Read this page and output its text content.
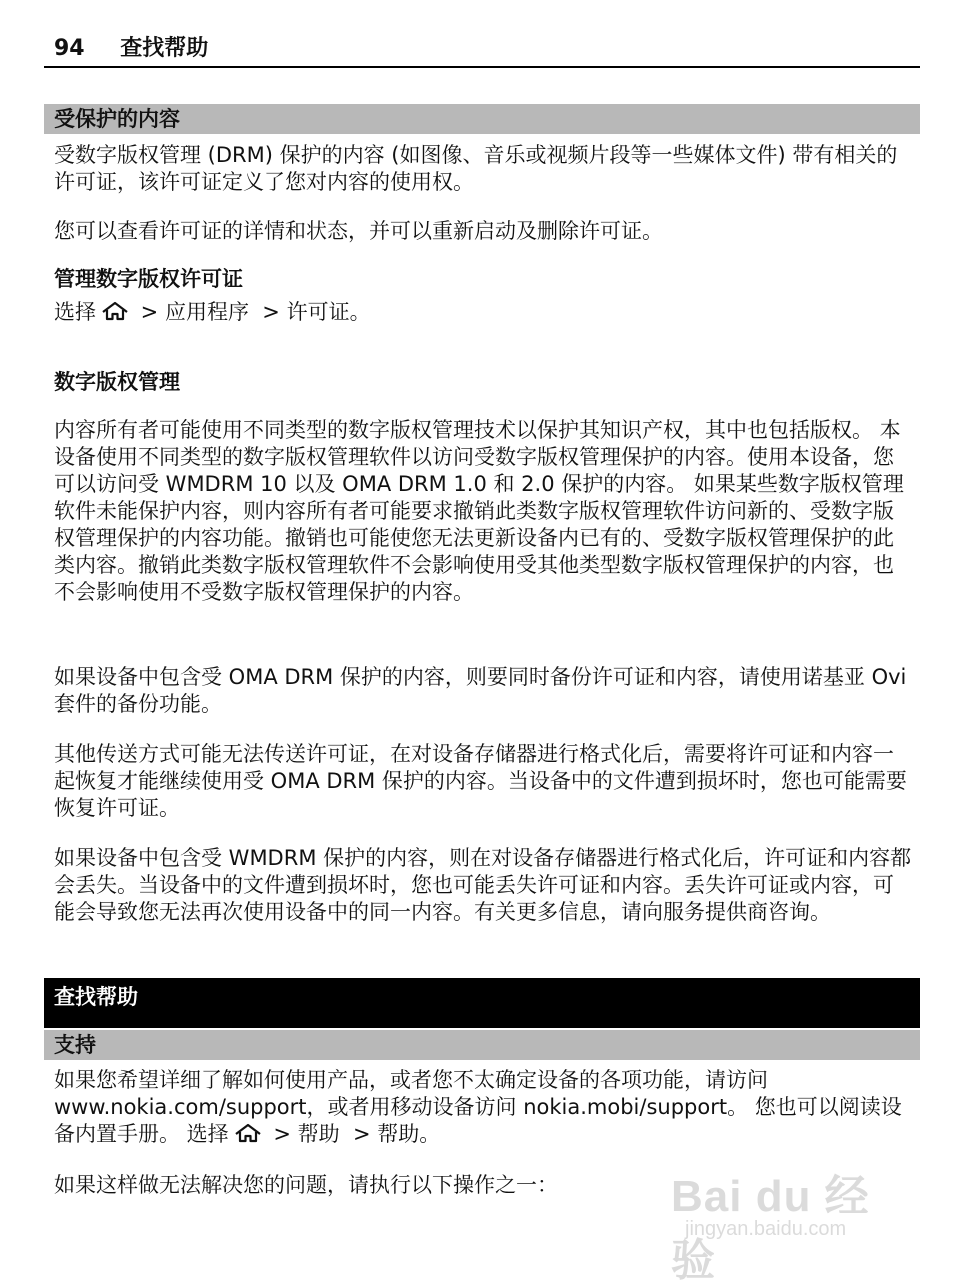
94 查找帮助
受保护的内容

受数字版权管理 (DRM) 保护的内容 (如图像、音乐或视频片段等一些媒体文件) 带有相关的许可证，该许可证定义了您对内容的使用权。

您可以查看许可证的详情和状态，并可以重新启动及删除许可证。

管理数字版权许可证

选择 > 应用程序  > 许可证。

数字版权管理

内容所有者可能使用不同类型的数字版权管理技术以保护其知识产权，其中也包括版权。 本设备使用不同类型的数字版权管理软件以访问受数字版权管理保护的内容。使用本设备，您可以访问受 WMDRM 10 以及 OMA DRM 1.0 和 2.0 保护的内容。 如果某些数字版权管理软件未能保护内容，则内容所有者可能要求撤销此类数字版权管理软件访问新的、受数字版权管理保护的内容功能。撤销也可能使您无法更新设备内已有的、受数字版权管理保护的此类内容。撤销此类数字版权管理软件不会影响使用受其他类型数字版权管理保护的内容，也不会影响使用不受数字版权管理保护的内容。

如果设备中包含受 OMA DRM 保护的内容，则要同时备份许可证和内容，请使用诺基亚 Ovi 套件的备份功能。

其他传送方式可能无法传送许可证，在对设备存储器进行格式化后，需要将许可证和内容一起恢复才能继续使用受 OMA DRM 保护的内容。当设备中的文件遭到损坏时，您也可能需要恢复许可证。

如果设备中包含受 WMDRM 保护的内容，则在对设备存储器进行格式化后，许可证和内容都会丢失。当设备中的文件遭到损坏时，您也可能丢失许可证和内容。丢失许可证或内容，可能会导致您无法再次使用设备中的同一内容。有关更多信息，请向服务提供商咨询。

查找帮助
支持

如果您希望详细了解如何使用产品，或者您不太确定设备的各项功能，请访问 www.nokia.com/support，或者用移动设备访问 nokia.mobi/support。 您也可以阅读设备内置手册。 选择 > 帮助  > 帮助。

如果这样做无法解决您的问题，请执行以下操作之一：	Bai du 经验
jingyan.baidu.com
